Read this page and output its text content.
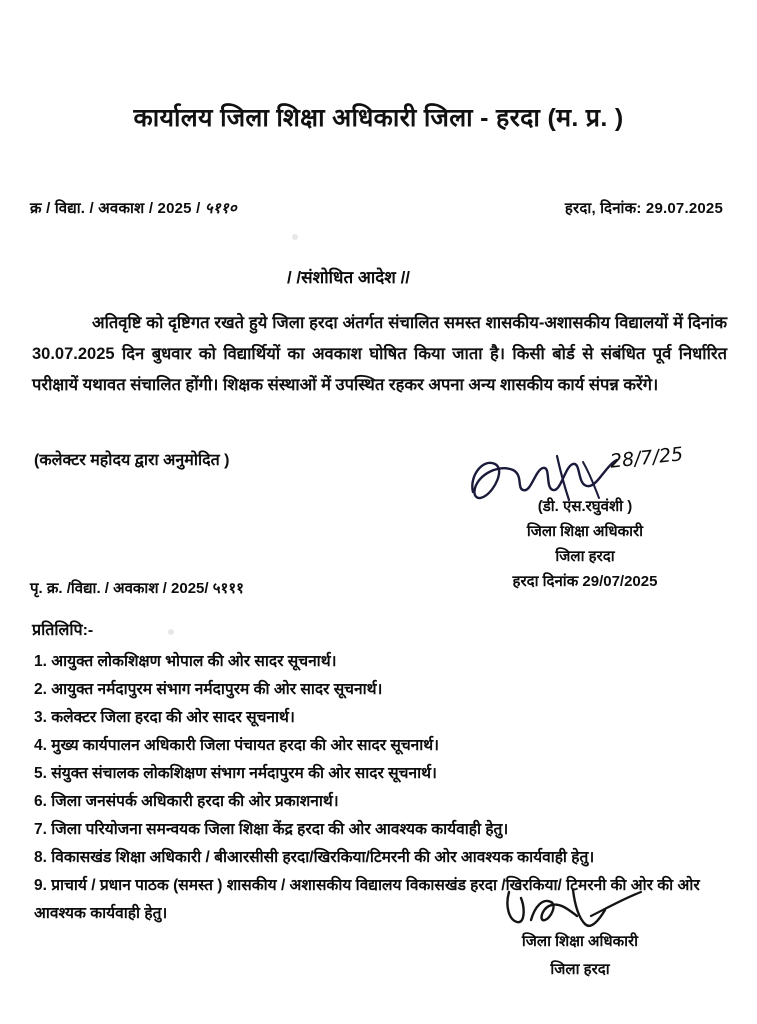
कार्यालय जिला शिक्षा अधिकारी जिला - हरदा (म. प्र. )
क्र / विद्या. / अवकाश / 2025 / ५११०	हरदा, दिनांक: 29.07.2025
/ /संशोधित आदेश //
अतिवृष्टि को दृष्टिगत रखते हुये जिला हरदा अंतर्गत संचालित समस्त शासकीय-अशासकीय विद्यालयों में दिनांक 30.07.2025 दिन बुधवार को विद्यार्थियों का अवकाश घोषित किया जाता है। किसी बोर्ड से संबंधित पूर्व निर्धारित परीक्षायें यथावत संचालित होंगी। शिक्षक संस्थाओं में उपस्थित रहकर अपना अन्य शासकीय कार्य संपन्न करेंगे।
(कलेक्टर महोदय द्वारा अनुमोदित )	28/7/25
(डी. एस.रघुवंशी )
जिला शिक्षा अधिकारी
जिला हरदा
हरदा दिनांक 29/07/2025
पृ. क्र. /विद्या. / अवकाश / 2025/ ५१११
प्रतिलिपि:-
1. आयुक्त लोकशिक्षण भोपाल की ओर सादर सूचनार्थ।
2. आयुक्त नर्मदापुरम संभाग नर्मदापुरम की ओर सादर सूचनार्थ।
3. कलेक्टर जिला हरदा की ओर सादर सूचनार्थ।
4. मुख्य कार्यपालन अधिकारी जिला पंचायत हरदा की ओर सादर सूचनार्थ।
5. संयुक्त संचालक लोकशिक्षण संभाग नर्मदापुरम की ओर सादर सूचनार्थ।
6. जिला जनसंपर्क अधिकारी हरदा की ओर प्रकाशनार्थ।
7. जिला परियोजना समन्वयक जिला शिक्षा केंद्र हरदा की ओर आवश्यक कार्यवाही हेतु।
8. विकासखंड शिक्षा अधिकारी / बीआरसीसी हरदा/खिरकिया/टिमरनी की ओर आवश्यक कार्यवाही हेतु।
9. प्राचार्य / प्रधान पाठक (समस्त ) शासकीय / अशासकीय विद्यालय विकासखंड हरदा /खिरकिया/ टिमरनी की ओर की ओर आवश्यक कार्यवाही हेतु।
जिला शिक्षा अधिकारी
जिला हरदा
